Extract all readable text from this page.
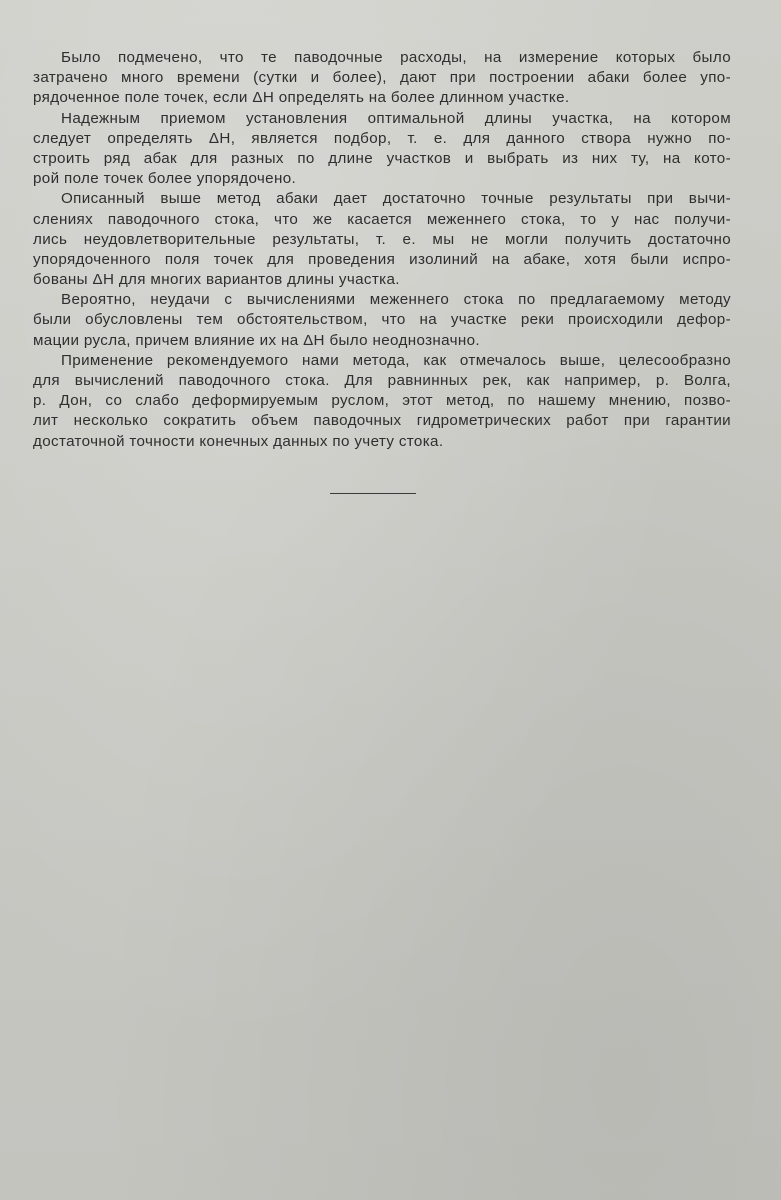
Было подмечено, что те паводочные расходы, на измерение которых было
затрачено много времени (сутки и более), дают при построении абаки более упо-
рядоченное поле точек, если ΔH определять на более длинном участке.
Надежным приемом установления оптимальной длины участка, на котором
следует определять ΔH, является подбор, т. е. для данного створа нужно по-
строить ряд абак для разных по длине участков и выбрать из них ту, на кото-
рой поле точек более упорядочено.
Описанный выше метод абаки дает достаточно точные результаты при вычи-
слениях паводочного стока, что же касается меженнего стока, то у нас получи-
лись неудовлетворительные результаты, т. е. мы не могли получить достаточно
упорядоченного поля точек для проведения изолиний на абаке, хотя были испро-
бованы ΔH для многих вариантов длины участка.
Вероятно, неудачи с вычислениями меженнего стока по предлагаемому методу
были обусловлены тем обстоятельством, что на участке реки происходили дефор-
мации русла, причем влияние их на ΔH было неоднозначно.
Применение рекомендуемого нами метода, как отмечалось выше, целесообразно
для вычислений паводочного стока. Для равнинных рек, как например, р. Волга,
р. Дон, со слабо деформируемым руслом, этот метод, по нашему мнению, позво-
лит несколько сократить объем паводочных гидрометрических работ при гарантии
достаточной точности конечных данных по учету стока.
